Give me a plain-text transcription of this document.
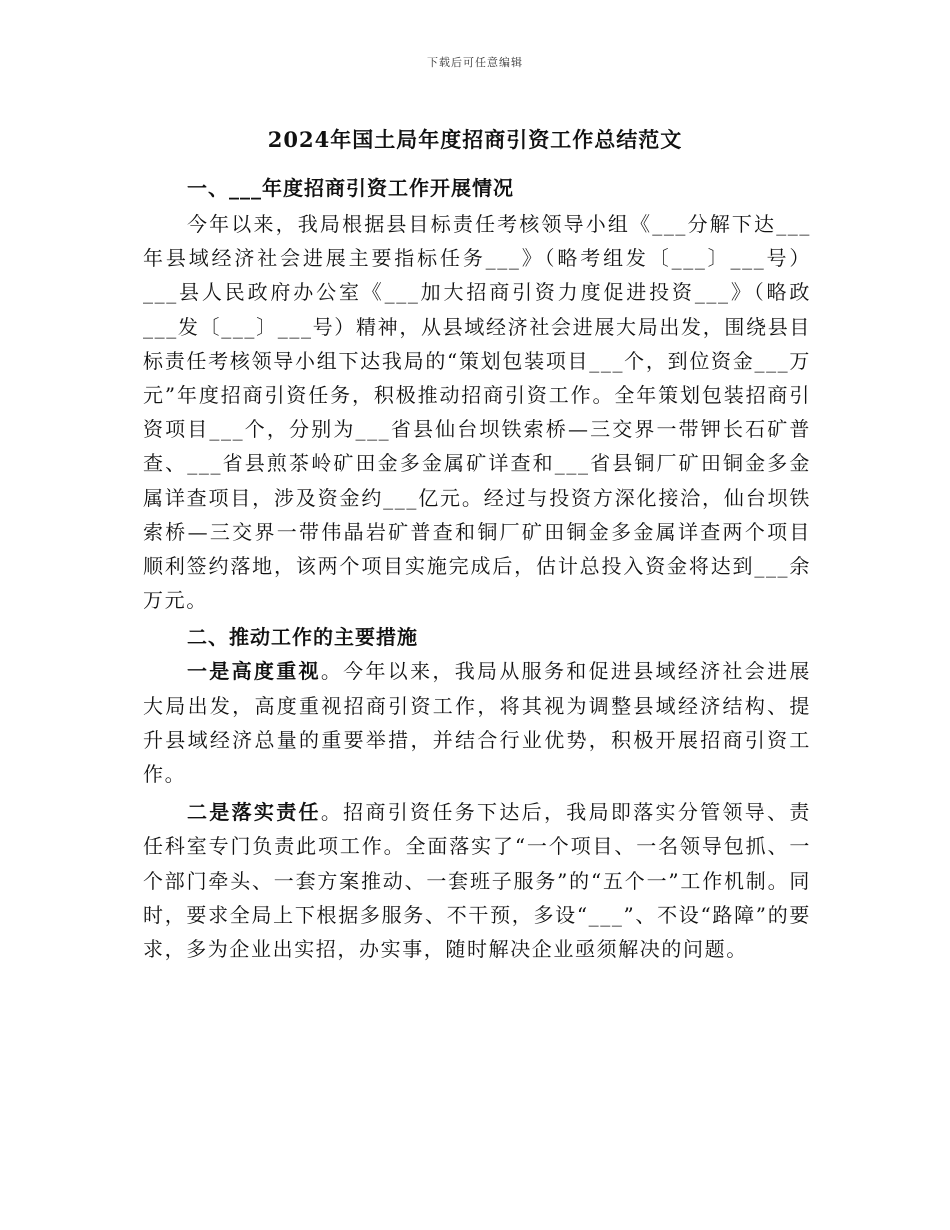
下载后可任意编辑
2024年国土局年度招商引资工作总结范文

一、___年度招商引资工作开展情况

今年以来，我局根据县目标责任考核领导小组《___分解下达___年县域经济社会进展主要指标任务___》（略考组发〔___〕___号）___县人民政府办公室《___加大招商引资力度促进投资___》（略政___发〔___〕___号）精神，从县域经济社会进展大局出发，围绕县目标责任考核领导小组下达我局的“策划包装项目___个，到位资金___万元”年度招商引资任务，积极推动招商引资工作。全年策划包装招商引资项目___个，分别为___省县仙台坝铁索桥—三交界一带钾长石矿普查、___省县煎茶岭矿田金多金属矿详查和___省县铜厂矿田铜金多金属详查项目，涉及资金约___亿元。经过与投资方深化接洽，仙台坝铁索桥—三交界一带伟晶岩矿普查和铜厂矿田铜金多金属详查两个项目顺利签约落地，该两个项目实施完成后，估计总投入资金将达到___余万元。

二、推动工作的主要措施

一是高度重视。今年以来，我局从服务和促进县域经济社会进展大局出发，高度重视招商引资工作，将其视为调整县域经济结构、提升县域经济总量的重要举措，并结合行业优势，积极开展招商引资工作。

二是落实责任。招商引资任务下达后，我局即落实分管领导、责任科室专门负责此项工作。全面落实了“一个项目、一名领导包抓、一个部门牵头、一套方案推动、一套班子服务”的“五个一”工作机制。同时，要求全局上下根据多服务、不干预，多设“___”、不设“路障”的要求，多为企业出实招，办实事，随时解决企业亟须解决的问题。
